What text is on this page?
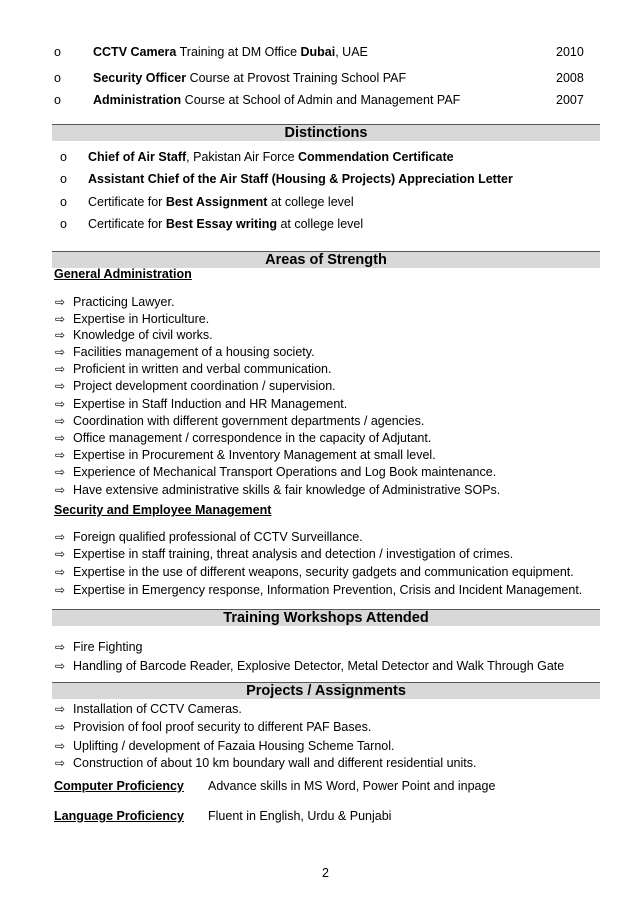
o	CCTV Camera Training at DM Office Dubai, UAE	2010
o	Security Officer Course at Provost Training School PAF	2008
o	Administration Course at School of Admin and Management PAF	2007
Distinctions
o Chief of Air Staff, Pakistan Air Force Commendation Certificate
o Assistant Chief of the Air Staff (Housing & Projects) Appreciation Letter
o Certificate for Best Assignment at college level
o Certificate for Best Essay writing at college level
Areas of Strength
General Administration
⇨ Practicing Lawyer.
⇨ Expertise in Horticulture.
⇨ Knowledge of civil works.
⇨ Facilities management of a housing society.
⇨ Proficient in written and verbal communication.
⇨ Project development coordination / supervision.
⇨ Expertise in Staff Induction and HR Management.
⇨ Coordination with different government departments / agencies.
⇨ Office management / correspondence in the capacity of Adjutant.
⇨ Expertise in Procurement & Inventory Management at small level.
⇨ Experience of Mechanical Transport Operations and Log Book maintenance.
⇨ Have extensive administrative skills & fair knowledge of Administrative SOPs.
Security and Employee Management
⇨ Foreign qualified professional of CCTV Surveillance.
⇨ Expertise in staff training, threat analysis and detection / investigation of crimes.
⇨ Expertise in the use of different weapons, security gadgets and communication equipment.
⇨ Expertise in Emergency response, Information Prevention, Crisis and Incident Management.
Training Workshops Attended
⇨ Fire Fighting
⇨ Handling of Barcode Reader, Explosive Detector, Metal Detector and Walk Through Gate
Projects / Assignments
⇨ Installation of CCTV Cameras.
⇨ Provision of fool proof security to different PAF Bases.
⇨ Uplifting / development of Fazaia Housing Scheme Tarnol.
⇨ Construction of about 10 km boundary wall and different residential units.
Computer Proficiency Advance skills in MS Word, Power Point and inpage
Language Proficiency Fluent in English, Urdu & Punjabi
2
